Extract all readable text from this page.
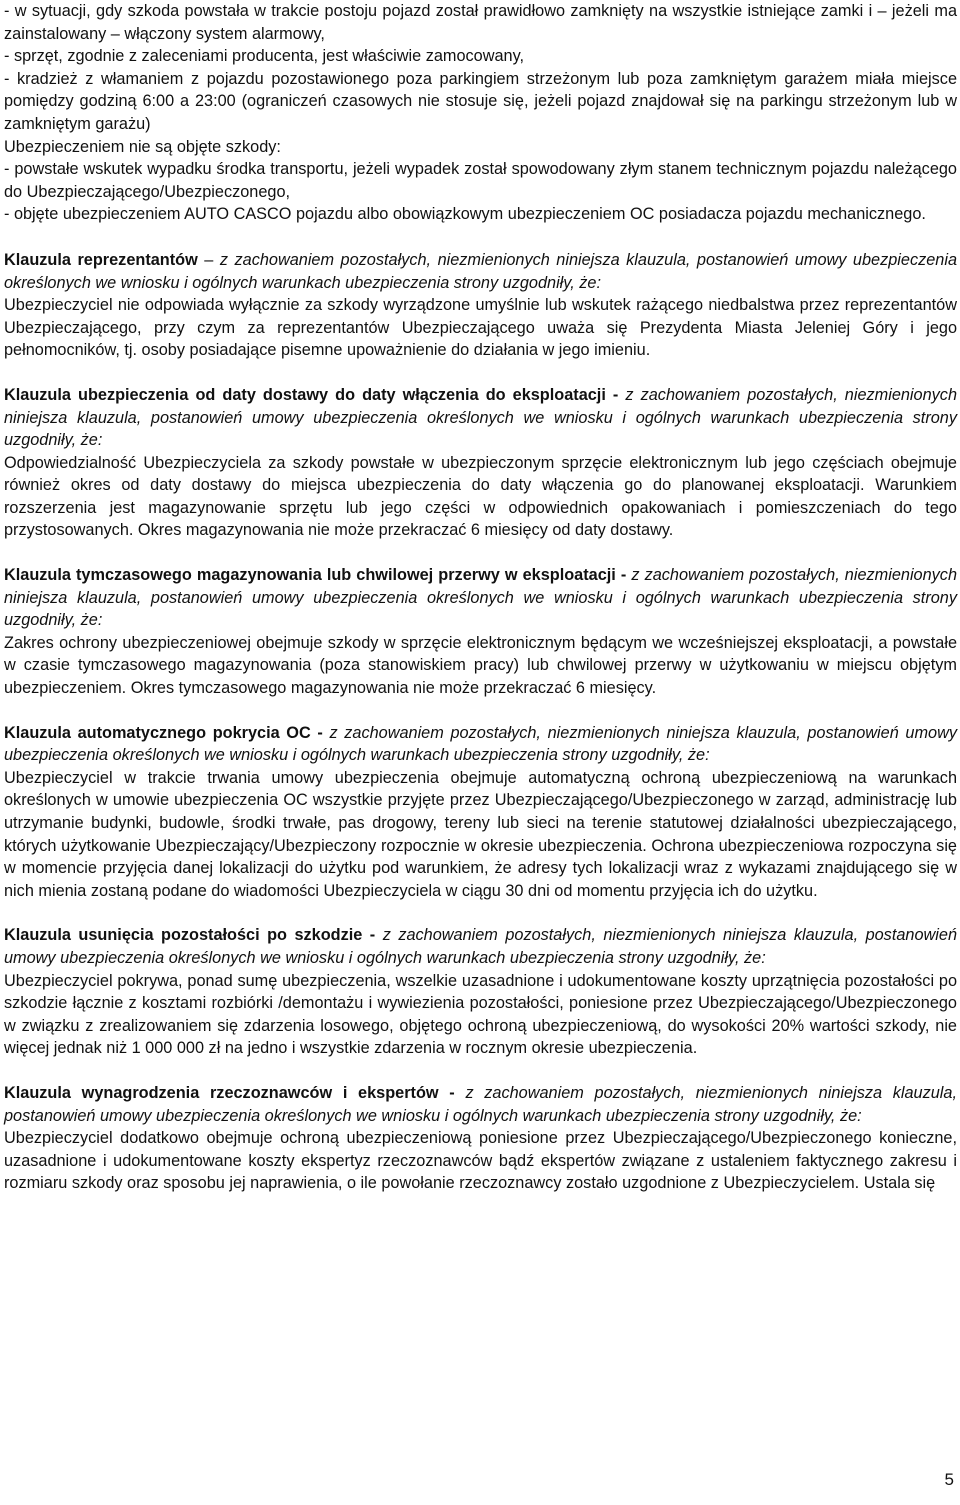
- w sytuacji, gdy szkoda powstała w trakcie postoju pojazd został prawidłowo zamknięty na wszystkie istniejące zamki i – jeżeli ma zainstalowany – włączony system alarmowy,

- sprzęt, zgodnie z zaleceniami producenta, jest właściwie zamocowany,

- kradzież z włamaniem z pojazdu pozostawionego poza parkingiem strzeżonym lub poza zamkniętym garażem miała miejsce pomiędzy godziną 6:00 a 23:00 (ograniczeń czasowych nie stosuje się, jeżeli pojazd znajdował się na parkingu strzeżonym lub w zamkniętym garażu)

Ubezpieczeniem nie są objęte szkody:

- powstałe wskutek wypadku środka transportu, jeżeli wypadek został spowodowany złym stanem technicznym pojazdu należącego do Ubezpieczającego/Ubezpieczonego,

- objęte ubezpieczeniem AUTO CASCO pojazdu albo obowiązkowym ubezpieczeniem OC posiadacza pojazdu mechanicznego.

Klauzula reprezentantów – z zachowaniem pozostałych, niezmienionych niniejsza klauzula, postanowień umowy ubezpieczenia określonych we wniosku i ogólnych warunkach ubezpieczenia strony uzgodniły, że:

Ubezpieczyciel nie odpowiada wyłącznie za szkody wyrządzone umyślnie lub wskutek rażącego niedbalstwa przez reprezentantów Ubezpieczającego, przy czym za reprezentantów Ubezpieczającego uważa się Prezydenta Miasta Jeleniej Góry i jego pełnomocników, tj. osoby posiadające pisemne upoważnienie do działania w jego imieniu.

Klauzula ubezpieczenia od daty dostawy do daty włączenia do eksploatacji - z zachowaniem pozostałych, niezmienionych niniejsza klauzula, postanowień umowy ubezpieczenia określonych we wniosku i ogólnych warunkach ubezpieczenia strony uzgodniły, że:

Odpowiedzialność Ubezpieczyciela za szkody powstałe w ubezpieczonym sprzęcie elektronicznym lub jego częściach obejmuje również okres od daty dostawy do miejsca ubezpieczenia do daty włączenia go do planowanej eksploatacji. Warunkiem rozszerzenia jest magazynowanie sprzętu lub jego części w odpowiednich opakowaniach i pomieszczeniach do tego przystosowanych. Okres magazynowania nie może przekraczać 6 miesięcy od daty dostawy.

Klauzula tymczasowego magazynowania lub chwilowej przerwy w eksploatacji - z zachowaniem pozostałych, niezmienionych niniejsza klauzula, postanowień umowy ubezpieczenia określonych we wniosku i ogólnych warunkach ubezpieczenia strony uzgodniły, że:

Zakres ochrony ubezpieczeniowej obejmuje szkody w sprzęcie elektronicznym będącym we wcześniejszej eksploatacji, a powstałe w czasie tymczasowego magazynowania (poza stanowiskiem pracy) lub chwilowej przerwy w użytkowaniu w miejscu objętym ubezpieczeniem. Okres tymczasowego magazynowania nie może przekraczać 6 miesięcy.

Klauzula automatycznego pokrycia OC - z zachowaniem pozostałych, niezmienionych niniejsza klauzula, postanowień umowy ubezpieczenia określonych we wniosku i ogólnych warunkach ubezpieczenia strony uzgodniły, że:

Ubezpieczyciel w trakcie trwania umowy ubezpieczenia obejmuje automatyczną ochroną ubezpieczeniową na warunkach określonych w umowie ubezpieczenia OC wszystkie przyjęte przez Ubezpieczającego/Ubezpieczonego w zarząd, administrację lub utrzymanie budynki, budowle, środki trwałe, pas drogowy, tereny lub sieci na terenie statutowej działalności ubezpieczającego, których użytkowanie Ubezpieczający/Ubezpieczony rozpocznie w okresie ubezpieczenia. Ochrona ubezpieczeniowa rozpoczyna się w momencie przyjęcia danej lokalizacji do użytku pod warunkiem, że adresy tych lokalizacji wraz z wykazami znajdującego się w nich mienia zostaną podane do wiadomości Ubezpieczyciela w ciągu 30 dni od momentu przyjęcia ich do użytku.

Klauzula usunięcia pozostałości po szkodzie - z zachowaniem pozostałych, niezmienionych niniejsza klauzula, postanowień umowy ubezpieczenia określonych we wniosku i ogólnych warunkach ubezpieczenia strony uzgodniły, że:

Ubezpieczyciel pokrywa, ponad sumę ubezpieczenia, wszelkie uzasadnione i udokumentowane koszty uprzątnięcia pozostałości po szkodzie łącznie z kosztami rozbiórki /demontażu i wywiezienia pozostałości, poniesione przez Ubezpieczającego/Ubezpieczonego w związku z zrealizowaniem się zdarzenia losowego, objętego ochroną ubezpieczeniową, do wysokości 20% wartości szkody, nie więcej jednak niż 1 000 000 zł na jedno i wszystkie zdarzenia w rocznym okresie ubezpieczenia.

Klauzula wynagrodzenia rzeczoznawców i ekspertów - z zachowaniem pozostałych, niezmienionych niniejsza klauzula, postanowień umowy ubezpieczenia określonych we wniosku i ogólnych warunkach ubezpieczenia strony uzgodniły, że:

Ubezpieczyciel dodatkowo obejmuje ochroną ubezpieczeniową poniesione przez Ubezpieczającego/Ubezpieczonego konieczne, uzasadnione i udokumentowane koszty ekspertyz rzeczoznawców bądź ekspertów związane z ustaleniem faktycznego zakresu i rozmiaru szkody oraz sposobu jej naprawienia, o ile powołanie rzeczoznawcy zostało uzgodnione z Ubezpieczycielem. Ustala się

5
